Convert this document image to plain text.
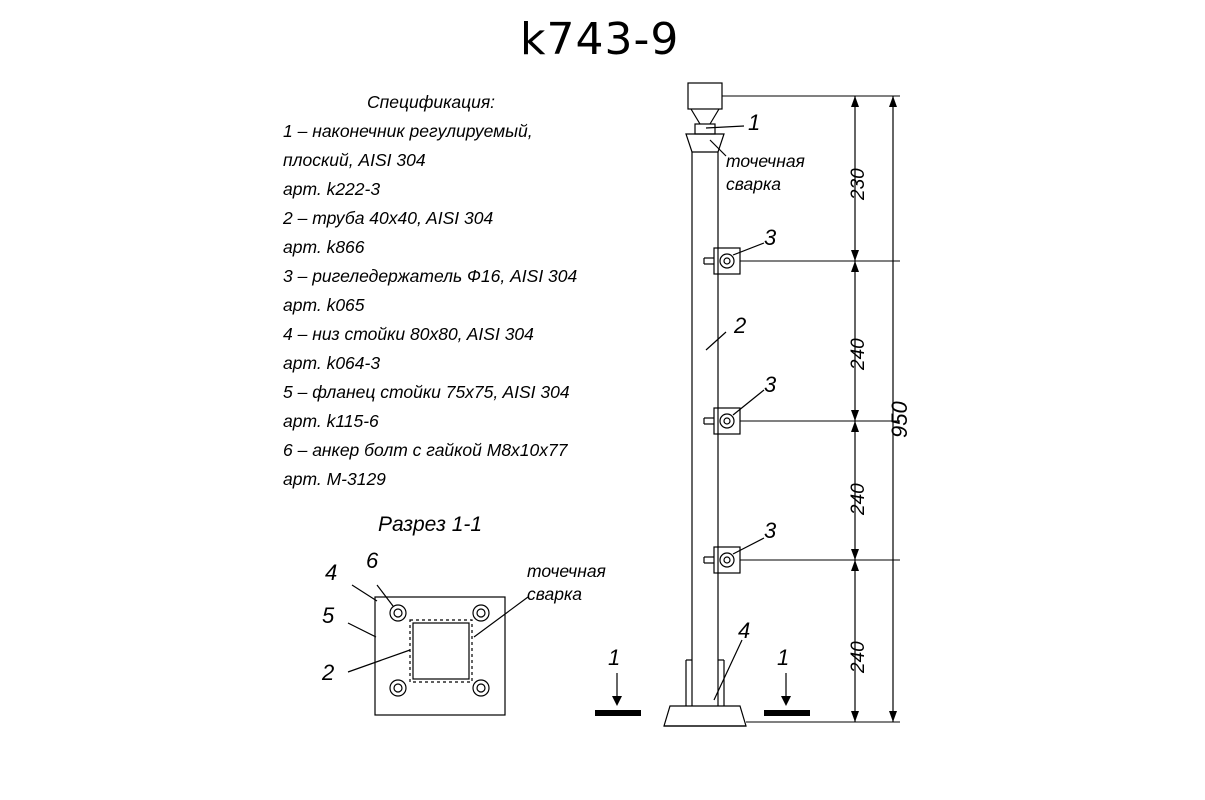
k743-9
Спецификация:
1 – наконечник регулируемый,
плоский, AISI 304
арт. k222-3
2 – труба 40x40, AISI 304
арт. k866
3 – ригеледержатель Ф16, AISI 304
арт. k065
4 – низ стойки 80x80, AISI 304
арт. k064-3
5 – фланец стойки 75x75, AISI 304
арт. k115-6
6 – анкер болт с гайкой M8x10x77
арт. M-3129
Разрез 1-1
1
точечная
сварка
2
3
3
3
4
1	1
230
240
240
240
950
4 6
5
2
точечная
сварка
